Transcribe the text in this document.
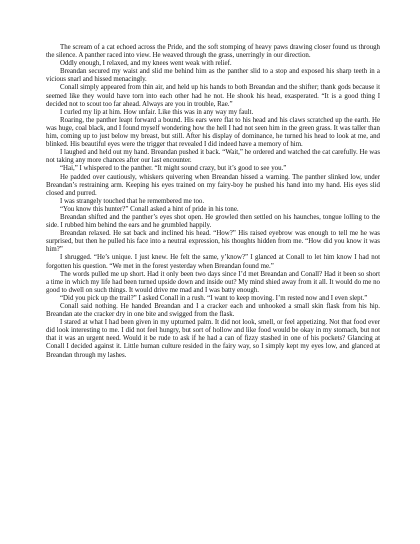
The scream of a cat echoed across the Pride, and the soft stomping of heavy paws drawing closer found us through the silence. A panther raced into view. He weaved through the grass, unerringly in our direction.

Oddly enough, I relaxed, and my knees went weak with relief.

Breandan secured my waist and slid me behind him as the panther slid to a stop and exposed his sharp teeth in a vicious snarl and hissed menacingly.

Conall simply appeared from thin air, and held up his hands to both Breandan and the shifter; thank gods because it seemed like they would have torn into each other had he not. He shook his head, exasperated. “It is a good thing I decided not to scout too far ahead. Always are you in trouble, Rae.”

I curled my lip at him. How unfair. Like this was in any way my fault.

Roaring, the panther leapt forward a bound. His ears were flat to his head and his claws scratched up the earth. He was huge, coal black, and I found myself wondering how the hell I had not seen him in the green grass. It was taller than him, coming up to just below my breast, but still. After his display of dominance, he turned his head to look at me, and blinked. His beautiful eyes were the trigger that revealed I did indeed have a memory of him.

I laughed and held out my hand. Breandan pushed it back. “Wait,” he ordered and watched the cat carefully. He was not taking any more chances after our last encounter.

“Hai,” I whispered to the panther. “It might sound crazy, but it’s good to see you.”

He padded over cautiously, whiskers quivering when Breandan hissed a warning. The panther slinked low, under Breandan’s restraining arm. Keeping his eyes trained on my fairy-boy he pushed his hand into my hand. His eyes slid closed and purred.

I was strangely touched that he remembered me too.

“You know this hunter?” Conall asked a hint of pride in his tone.

Breandan shifted and the panther’s eyes shot open. He growled then settled on his haunches, tongue lolling to the side. I rubbed him behind the ears and he grumbled happily.

Breandan relaxed. He sat back and inclined his head. “How?” His raised eyebrow was enough to tell me he was surprised, but then he pulled his face into a neutral expression, his thoughts hidden from me. “How did you know it was him?”

I shrugged. “He’s unique. I just knew. He felt the same, y’know?” I glanced at Conall to let him know I had not forgotten his question. “We met in the forest yesterday when Breandan found me.”

The words pulled me up short. Had it only been two days since I’d met Breandan and Conall? Had it been so short a time in which my life had been turned upside down and inside out? My mind shied away from it all. It would do me no good to dwell on such things. It would drive me mad and I was batty enough.

“Did you pick up the trail?” I asked Conall in a rush. “I want to keep moving. I’m rested now and I even slept.”

Conall said nothing. He handed Breandan and I a cracker each and unhooked a small skin flask from his hip. Breandan ate the cracker dry in one bite and swigged from the flask.

I stared at what I had been given in my upturned palm. It did not look, smell, or feel appetizing. Not that food ever did look interesting to me. I did not feel hungry, but sort of hollow and like food would be okay in my stomach, but not that it was an urgent need. Would it be rude to ask if he had a can of fizzy stashed in one of his pockets? Glancing at Conall I decided against it. Little human culture resided in the fairy way, so I simply kept my eyes low, and glanced at Breandan through my lashes.
